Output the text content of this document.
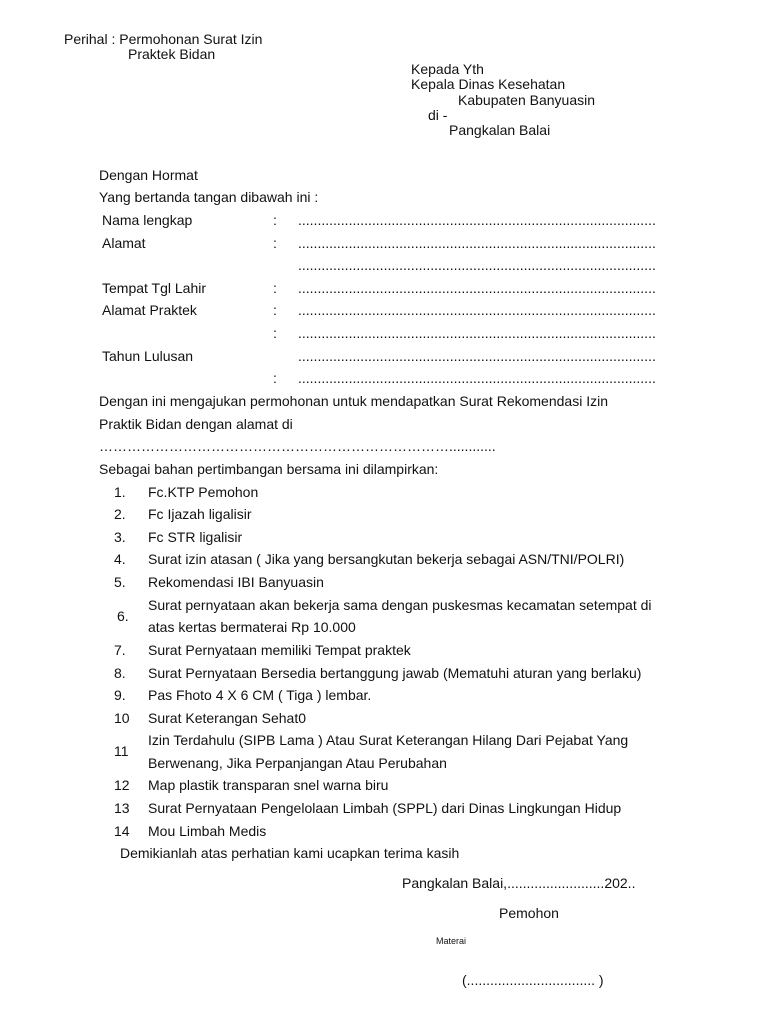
Perihal : Permohonan Surat Izin
Praktek Bidan
Kepada Yth
Kepala Dinas Kesehatan
Kabupaten Banyuasin
di -
Pangkalan Balai
Dengan Hormat
Yang bertanda tangan dibawah ini :
Nama lengkap	: ............................................................................................
Alamat	: ............................................................................................
............................................................................................
Tempat Tgl Lahir	: ............................................................................................
Alamat Praktek	: ............................................................................................
: ............................................................................................
Tahun Lulusan	............................................................................................
: ............................................................................................
Dengan ini mengajukan permohonan untuk mendapatkan Surat Rekomendasi Izin
Praktik Bidan dengan alamat di
…………………………………………………………………............
Sebagai bahan pertimbangan bersama ini dilampirkan:
1. Fc.KTP Pemohon
2. Fc Ijazah ligalisir
3. Fc STR ligalisir
4. Surat izin atasan ( Jika yang bersangkutan bekerja sebagai ASN/TNI/POLRI)
5. Rekomendasi IBI Banyuasin
6.
Surat pernyataan akan bekerja sama dengan puskesmas kecamatan setempat di
atas kertas bermaterai Rp 10.000
7. Surat Pernyataan memiliki Tempat praktek
8. Surat Pernyataan Bersedia bertanggung jawab (Mematuhi aturan yang berlaku)
9. Pas Fhoto 4 X 6 CM ( Tiga ) lembar.
10 Surat Keterangan Sehat0
11
Izin Terdahulu (SIPB Lama ) Atau Surat Keterangan Hilang Dari Pejabat Yang
Berwenang, Jika Perpanjangan Atau Perubahan
12 Map plastik transparan snel warna biru
13 Surat Pernyataan Pengelolaan Limbah (SPPL) dari Dinas Lingkungan Hidup
14 Mou Limbah Medis
Demikianlah atas perhatian kami ucapkan terima kasih
Pangkalan Balai,.........................202..
Pemohon
Materai
(................................. )
